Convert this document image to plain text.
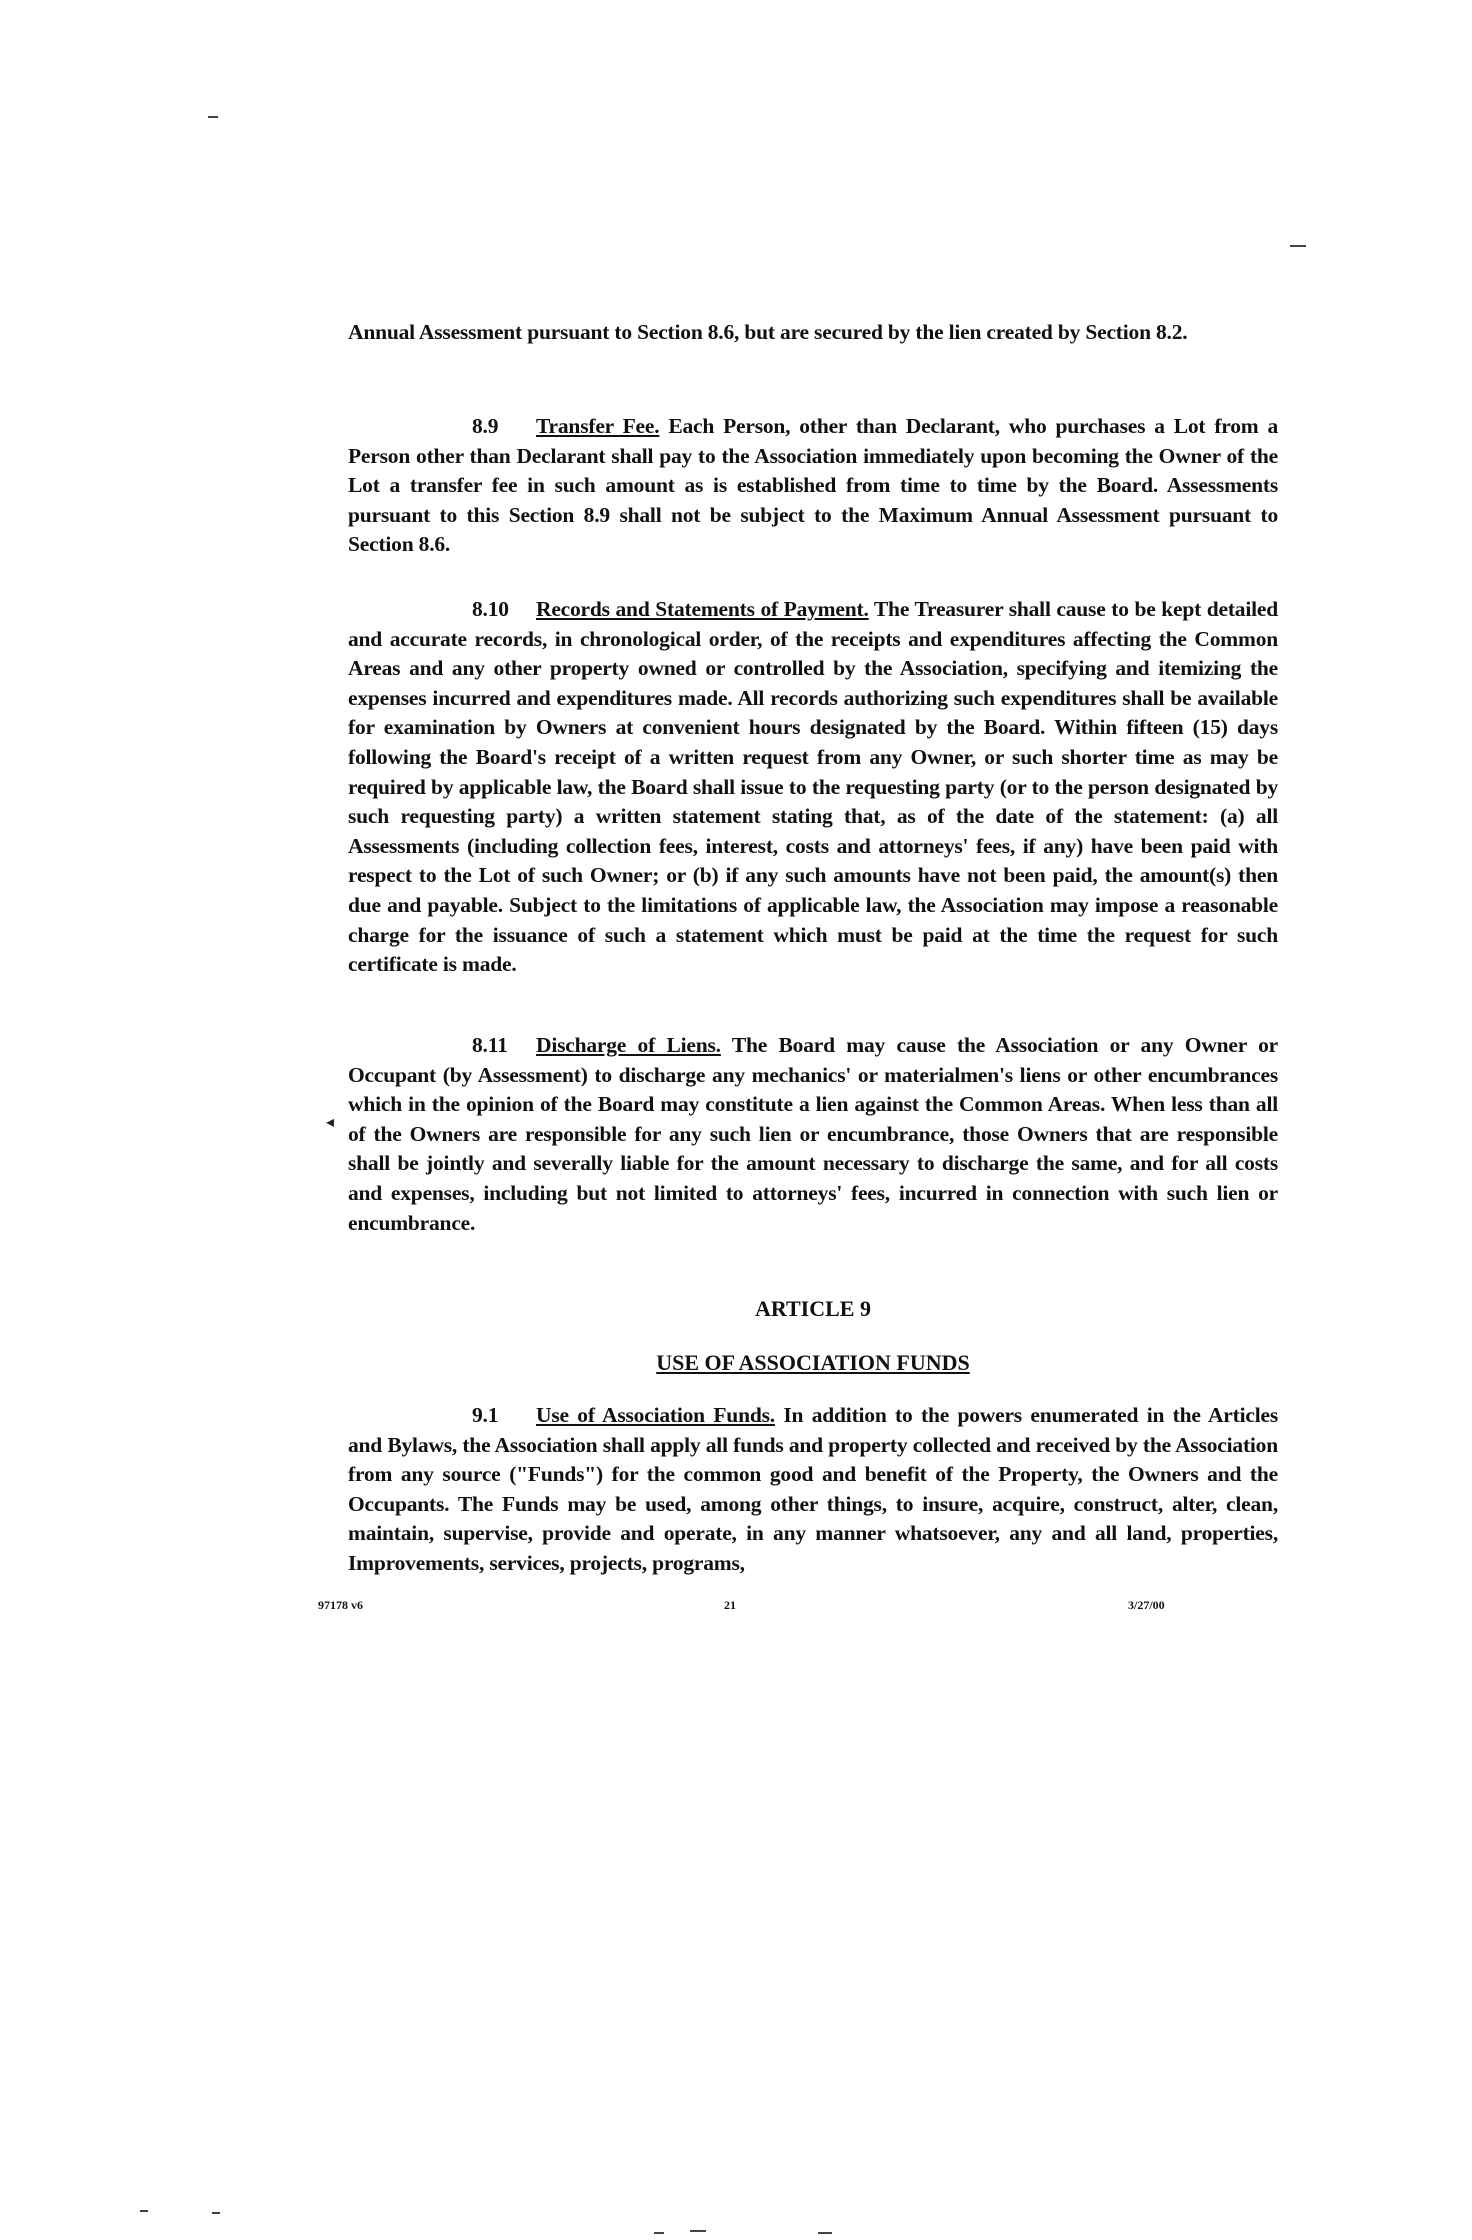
Annual Assessment pursuant to Section 8.6, but are secured by the lien created by Section 8.2.

8.9 Transfer Fee. Each Person, other than Declarant, who purchases a Lot from a Person other than Declarant shall pay to the Association immediately upon becoming the Owner of the Lot a transfer fee in such amount as is established from time to time by the Board. Assessments pursuant to this Section 8.9 shall not be subject to the Maximum Annual Assessment pursuant to Section 8.6.

8.10 Records and Statements of Payment. The Treasurer shall cause to be kept detailed and accurate records, in chronological order, of the receipts and expenditures affecting the Common Areas and any other property owned or controlled by the Association, specifying and itemizing the expenses incurred and expenditures made. All records authorizing such expenditures shall be available for examination by Owners at convenient hours designated by the Board. Within fifteen (15) days following the Board's receipt of a written request from any Owner, or such shorter time as may be required by applicable law, the Board shall issue to the requesting party (or to the person designated by such requesting party) a written statement stating that, as of the date of the statement: (a) all Assessments (including collection fees, interest, costs and attorneys' fees, if any) have been paid with respect to the Lot of such Owner; or (b) if any such amounts have not been paid, the amount(s) then due and payable. Subject to the limitations of applicable law, the Association may impose a reasonable charge for the issuance of such a statement which must be paid at the time the request for such certificate is made.

8.11 Discharge of Liens. The Board may cause the Association or any Owner or Occupant (by Assessment) to discharge any mechanics' or materialmen's liens or other encumbrances which in the opinion of the Board may constitute a lien against the Common Areas. When less than all of the Owners are responsible for any such lien or encumbrance, those Owners that are responsible shall be jointly and severally liable for the amount necessary to discharge the same, and for all costs and expenses, including but not limited to attorneys' fees, incurred in connection with such lien or encumbrance.

ARTICLE 9

USE OF ASSOCIATION FUNDS

9.1 Use of Association Funds. In addition to the powers enumerated in the Articles and Bylaws, the Association shall apply all funds and property collected and received by the Association from any source ("Funds") for the common good and benefit of the Property, the Owners and the Occupants. The Funds may be used, among other things, to insure, acquire, construct, alter, clean, maintain, supervise, provide and operate, in any manner whatsoever, any and all land, properties, Improvements, services, projects, programs,

97178 v6	21	3/27/00
◂
